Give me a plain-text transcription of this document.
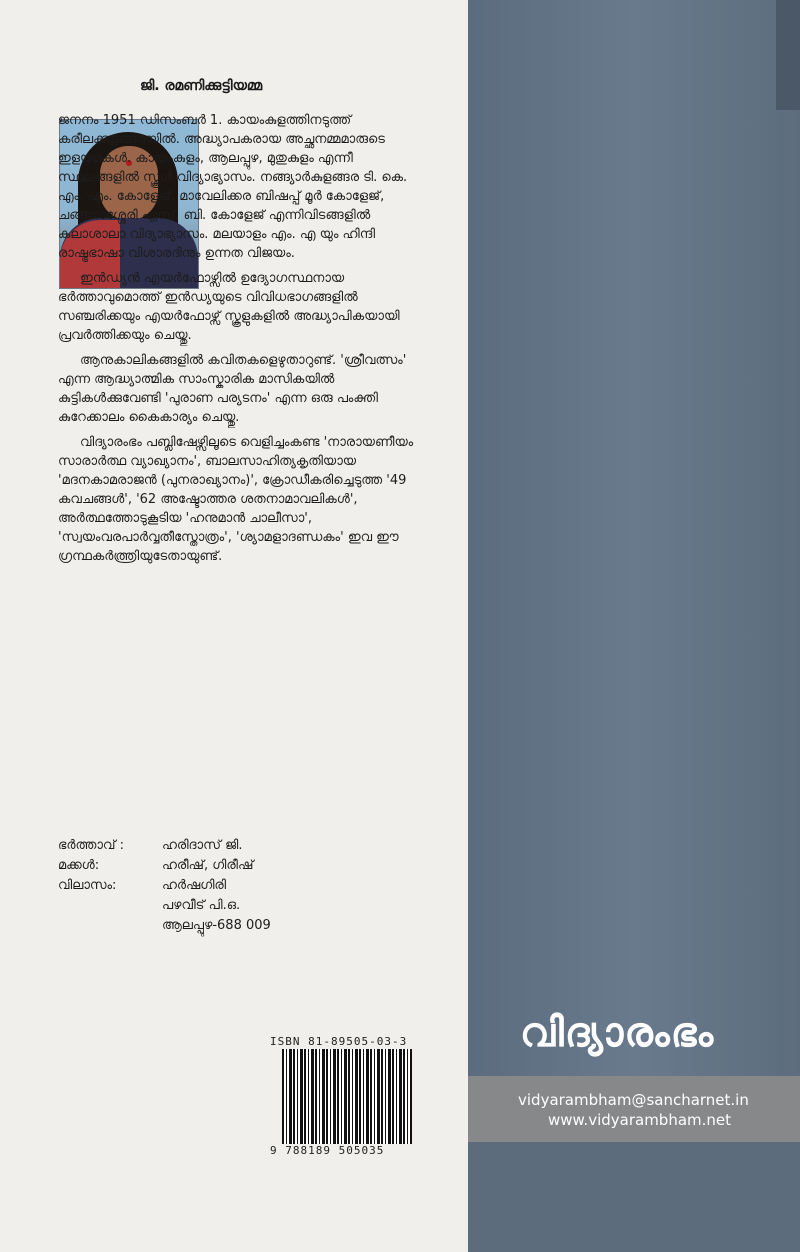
വിദ്യാരംഭം
vidyarambham@sancharnet.in
www.vidyarambham.net
ജി. രമണിക്കുട്ടിയമ്മ

ജനനം 1951 ഡിസംബർ 1. കായംകുളത്തിനടുത്ത് കരീലക്കുളങ്ങരയിൽ. അദ്ധ്യാപകരായ അച്ഛനമ്മമാരുടെ ഇളയമകൾ. കായംകുളം, ആലപ്പുഴ, മുതുകുളം എന്നീ സ്ഥലങ്ങളിൽ സ്കൂൾ വിദ്യാഭ്യാസം. നങ്ങ്യാർകുളങ്ങര ടി. കെ.

എം. എം. കോളേജ്, മാവേലിക്കര ബിഷപ്പ് മൂർ കോളേജ്, ചങ്ങനാശ്ശേരി എസ്. ബി. കോളേജ് എന്നിവിടങ്ങളിൽ കലാശാലാ വിദ്യാഭ്യാസം. മലയാളം എം. എ യും ഹിന്ദി രാഷ്ട്രഭാഷാ വിശാരദിനും ഉന്നത വിജയം.

ഇൻഡ്യൻ എയർഫോഴ്സിൽ ഉദ്യോഗസ്ഥനായ ഭർത്താവുമൊത്ത് ഇൻഡ്യയുടെ വിവിധഭാഗങ്ങളിൽ സഞ്ചരിക്കയും എയർഫോഴ്സ് സ്കൂളുകളിൽ അദ്ധ്യാപികയായി പ്രവർത്തിക്കയും ചെയ്തു.

ആനുകാലികങ്ങളിൽ കവിതകളെഴുതാറുണ്ട്. 'ശ്രീവത്സം' എന്ന ആദ്ധ്യാത്മിക സാംസ്കാരിക മാസികയിൽ കുട്ടികൾക്കുവേണ്ടി 'പുരാണ പര്യടനം' എന്ന ഒരു പംക്തി കുറേക്കാലം കൈകാര്യം ചെയ്തു.

വിദ്യാരംഭം പബ്ലിഷേഴ്സിലൂടെ വെളിച്ചംകണ്ട 'നാരായണീയം സാരാർത്ഥ വ്യാഖ്യാനം', ബാലസാഹിത്യകൃതിയായ 'മദനകാമരാജൻ (പുനരാഖ്യാനം)', ക്രോഡീകരിച്ചെടുത്ത '49 കവചങ്ങൾ', '62 അഷ്ടോത്തര ശതനാമാവലികൾ', അർത്ഥത്തോടുകൂടിയ 'ഹനുമാൻ ചാലീസാ', 'സ്വയംവരപാർവ്വതീസ്തോത്രം', 'ശ്യാമളാദണ്ഡകം' ഇവ ഈ ഗ്രന്ഥകർത്ത്രിയുടേതായുണ്ട്.

ഭർത്താവ് :	ഹരിദാസ് ജി.
മക്കൾ:	ഹരീഷ്, ഗിരീഷ്
വിലാസം:	ഹർഷഗിരി
പഴവീട് പി.ഒ.
ആലപ്പുഴ-688 009
ISBN 81-89505-03-3
9 788189 505035
